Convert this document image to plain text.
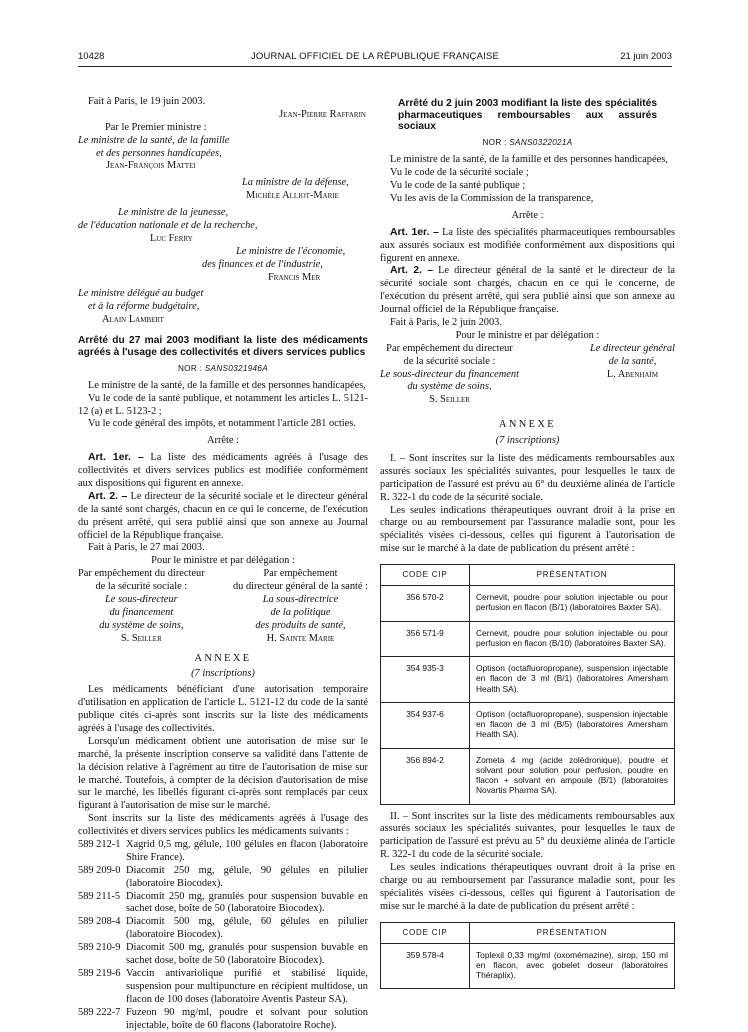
10428	JOURNAL OFFICIEL DE LA RÉPUBLIQUE FRANÇAISE	21 juin 2003
Fait à Paris, le 19 juin 2003.
Jean-Pierre Raffarin
Par le Premier ministre :
Le ministre de la santé, de la famille
et des personnes handicapées,
Jean-François Mattei
La ministre de la défense,
Michèle Alliot-Marie
Le ministre de la jeunesse,
de l'éducation nationale et de la recherche,
Luc Ferry
Le ministre de l'économie,
des finances et de l'industrie,
Francis Mer
Le ministre délégué au budget
et à la réforme budgétaire,
Alain Lambert
Arrêté du 27 mai 2003 modifiant la liste des médicaments agréés à l'usage des collectivités et divers services publics
NOR : SANS0321946A
Le ministre de la santé, de la famille et des personnes handicapées,
Vu le code de la santé publique, et notamment les articles L. 5121-12 (a) et L. 5123-2 ;
Vu le code général des impôts, et notamment l'article 281 octies.
Arrête :
Art. 1er. – La liste des médicaments agréés à l'usage des collectivités et divers services publics est modifiée conformément aux dispositions qui figurent en annexe.
Art. 2. – Le directeur de la sécurité sociale et le directeur général de la santé sont chargés, chacun en ce qui le concerne, de l'exécution du présent arrêté, qui sera publié ainsi que son annexe au Journal officiel de la République française.
Fait à Paris, le 27 mai 2003.
Pour le ministre et par délégation :
Par empêchement du directeur
de la sécurité sociale :
Le sous-directeur
du financement
du système de soins,
S. Seiller
Par empêchement
du directeur général de la santé :
La sous-directrice
de la politique
des produits de santé,
H. Sainte Marie
ANNEXE
(7 inscriptions)
Les médicaments bénéficiant d'une autorisation temporaire d'utilisation en application de l'article L. 5121-12 du code de la santé publique cités ci-après sont inscrits sur la liste des médicaments agréés à l'usage des collectivités.
Lorsqu'un médicament obtient une autorisation de mise sur le marché, la présente inscription conserve sa validité dans l'attente de la décision relative à l'agrément au titre de l'autorisation de mise sur le marché. Toutefois, à compter de la décision d'autorisation de mise sur le marché, les libellés figurant ci-après sont remplacés par ceux figurant à l'autorisation de mise sur le marché.
Sont inscrits sur la liste des médicaments agréés à l'usage des collectivités et divers services publics les médicaments suivants :
589 212-1 Xagrid 0,5 mg, gélule, 100 gélules en flacon (laboratoire Shire France).
589 209-0 Diacomit 250 mg, gélule, 90 gélules en pilulier (laboratoire Biocodex).
589 211-5 Diacomit 250 mg, granulés pour suspension buvable en sachet dose, boîte de 50 (laboratoire Biocodex).
589 208-4 Diacomit 500 mg, gélule, 60 gélules en pilulier (laboratoire Biocodex).
589 210-9 Diacomit 500 mg, granulés pour suspension buvable en sachet dose, boîte de 50 (laboratoire Biocodex).
589 219-6 Vaccin antivariolique purifié et stabilisé liquide, suspension pour multipuncture en récipient multidose, un flacon de 100 doses (laboratoire Aventis Pasteur SA).
589 222-7 Fuzeon 90 mg/ml, poudre et solvant pour solution injectable, boîte de 60 flacons (laboratoire Roche).
Arrêté du 2 juin 2003 modifiant la liste des spécialités pharmaceutiques remboursables aux assurés sociaux
NOR : SANS0322021A
Le ministre de la santé, de la famille et des personnes handicapées,
Vu le code de la sécurité sociale ;
Vu le code de la santé publique ;
Vu les avis de la Commission de la transparence,
Arrête :
Art. 1er. – La liste des spécialités pharmaceutiques remboursables aux assurés sociaux est modifiée conformément aux dispositions qui figurent en annexe.
Art. 2. – Le directeur général de la santé et le directeur de la sécurité sociale sont chargés, chacun en ce qui le concerne, de l'exécution du présent arrêté, qui sera publié ainsi que son annexe au Journal officiel de la République française.
Fait à Paris, le 2 juin 2003.
Pour le ministre et par délégation :
Par empêchement du directeur
de la sécurité sociale :
Le sous-directeur du financement
du système de soins,
S. Seiller
Le directeur général
de la santé,
L. Abenhaïm
ANNEXE
(7 inscriptions)
I. – Sont inscrites sur la liste des médicaments remboursables aux assurés sociaux les spécialités suivantes, pour lesquelles le taux de participation de l'assuré est prévu au 6° du deuxième alinéa de l'article R. 322-1 du code de la sécurité sociale.
Les seules indications thérapeutiques ouvrant droit à la prise en charge ou au remboursement par l'assurance maladie sont, pour les spécialités visées ci-dessous, celles qui figurent à l'autorisation de mise sur le marché à la date de publication du présent arrêté :
CODE CIP	PRÉSENTATION
356 570-2	Cernevit, poudre pour solution injectable ou pour perfusion en flacon (B/1) (laboratoires Baxter SA).
356 571-9	Cernevit, poudre pour solution injectable ou pour perfusion en flacon (B/10) (laboratoires Baxter SA).
354 935-3	Optison (octafluoropropane), suspension injectable en flacon de 3 ml (B/1) (laboratoires Amersham Health SA).
354 937-6	Optison (octafluoropropane), suspension injectable en flacon de 3 ml (B/5) (laboratoires Amersham Health SA).
356 894-2	Zometa 4 mg (acide zolédronique), poudre et solvant pour solution pour perfusion, poudre en flacon + solvant en ampoule (B/1) (laboratoires Novartis Pharma SA).
II. – Sont inscrites sur la liste des médicaments remboursables aux assurés sociaux les spécialités suivantes, pour lesquelles le taux de participation de l'assuré est prévu au 5° du deuxième alinéa de l'article R. 322-1 du code de la sécurité sociale.
Les seules indications thérapeutiques ouvrant droit à la prise en charge ou au remboursement par l'assurance maladie sont, pour les spécialités visées ci-dessous, celles qui figurent à l'autorisation de mise sur le marché à la date de publication du présent arrêté :
CODE CIP	PRÉSENTATION
359 578-4	Toplexil 0,33 mg/ml (oxomémazine), sirop, 150 ml en flacon, avec gobelet doseur (laboratoires Théraplix).
